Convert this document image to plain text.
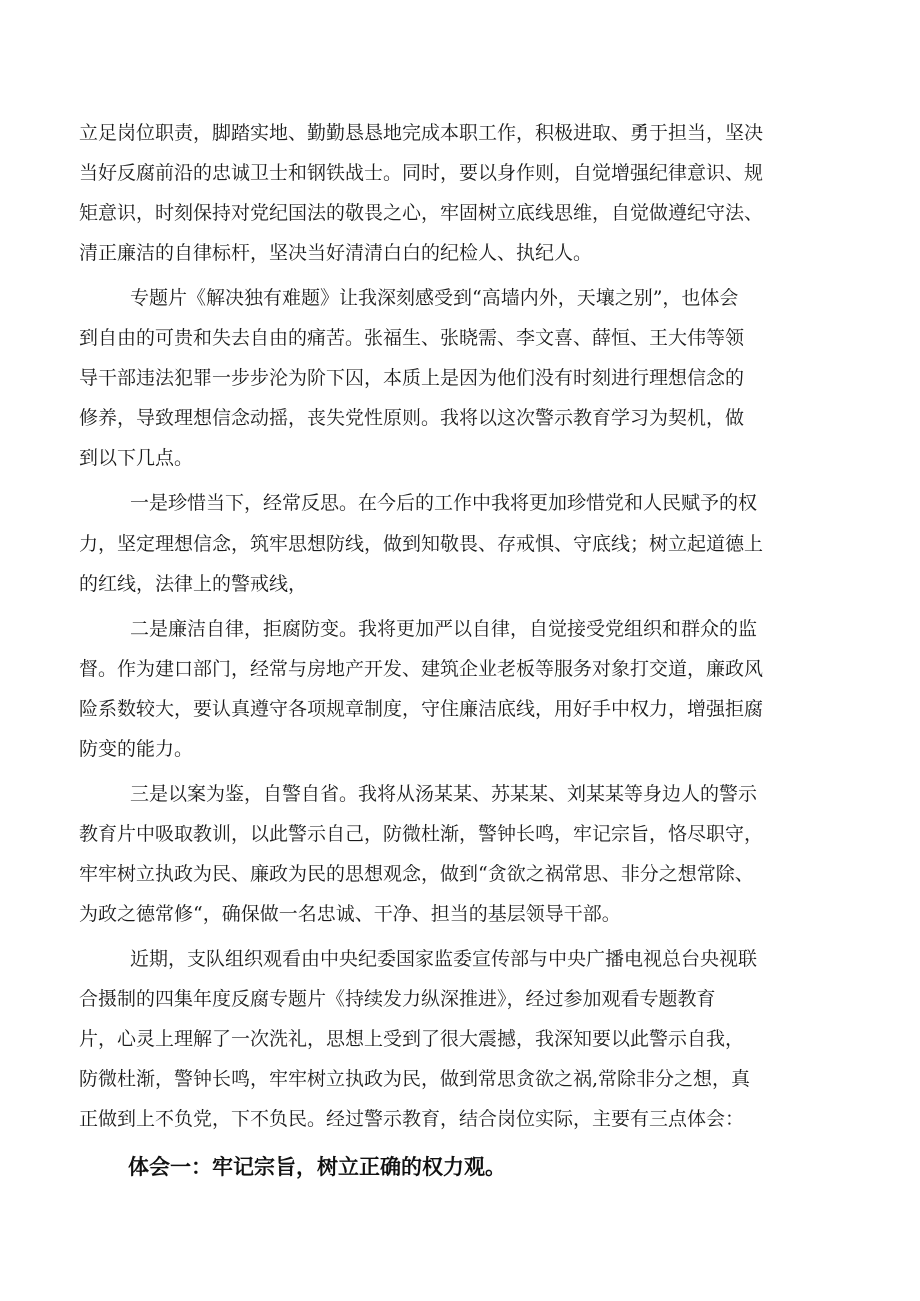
立足岗位职责，脚踏实地、勤勤恳恳地完成本职工作，积极进取、勇于担当，坚决
当好反腐前沿的忠诚卫士和钢铁战士。同时，要以身作则，自觉增强纪律意识、规
矩意识，时刻保持对党纪国法的敬畏之心，牢固树立底线思维，自觉做遵纪守法、
清正廉洁的自律标杆，坚决当好清清白白的纪检人、执纪人。
专题片《解决独有难题》让我深刻感受到“高墙内外，天壤之别”，也体会
到自由的可贵和失去自由的痛苦。张福生、张晓需、李文喜、薛恒、王大伟等领
导干部违法犯罪一步步沦为阶下囚，本质上是因为他们没有时刻进行理想信念的
修养，导致理想信念动摇，丧失党性原则。我将以这次警示教育学习为契机，做
到以下几点。
一是珍惜当下，经常反思。在今后的工作中我将更加珍惜党和人民赋予的权
力，坚定理想信念，筑牢思想防线，做到知敬畏、存戒惧、守底线；树立起道德上
的红线，法律上的警戒线，
二是廉洁自律，拒腐防变。我将更加严以自律，自觉接受党组织和群众的监
督。作为建口部门，经常与房地产开发、建筑企业老板等服务对象打交道，廉政风
险系数较大，要认真遵守各项规章制度，守住廉洁底线，用好手中权力，增强拒腐
防变的能力。
三是以案为鉴，自警自省。我将从汤某某、苏某某、刘某某等身边人的警示
教育片中吸取教训，以此警示自己，防微杜渐，警钟长鸣，牢记宗旨，恪尽职守，
牢牢树立执政为民、廉政为民的思想观念，做到“贪欲之祸常思、非分之想常除、
为政之德常修“，确保做一名忠诚、干净、担当的基层领导干部。
近期，支队组织观看由中央纪委国家监委宣传部与中央广播电视总台央视联
合摄制的四集年度反腐专题片《持续发力纵深推进》，经过参加观看专题教育
片，心灵上理解了一次洗礼，思想上受到了很大震撼，我深知要以此警示自我，
防微杜渐，警钟长鸣，牢牢树立执政为民，做到常思贪欲之祸,常除非分之想，真
正做到上不负党，下不负民。经过警示教育，结合岗位实际，主要有三点体会：
体会一：牢记宗旨，树立正确的权力观。
